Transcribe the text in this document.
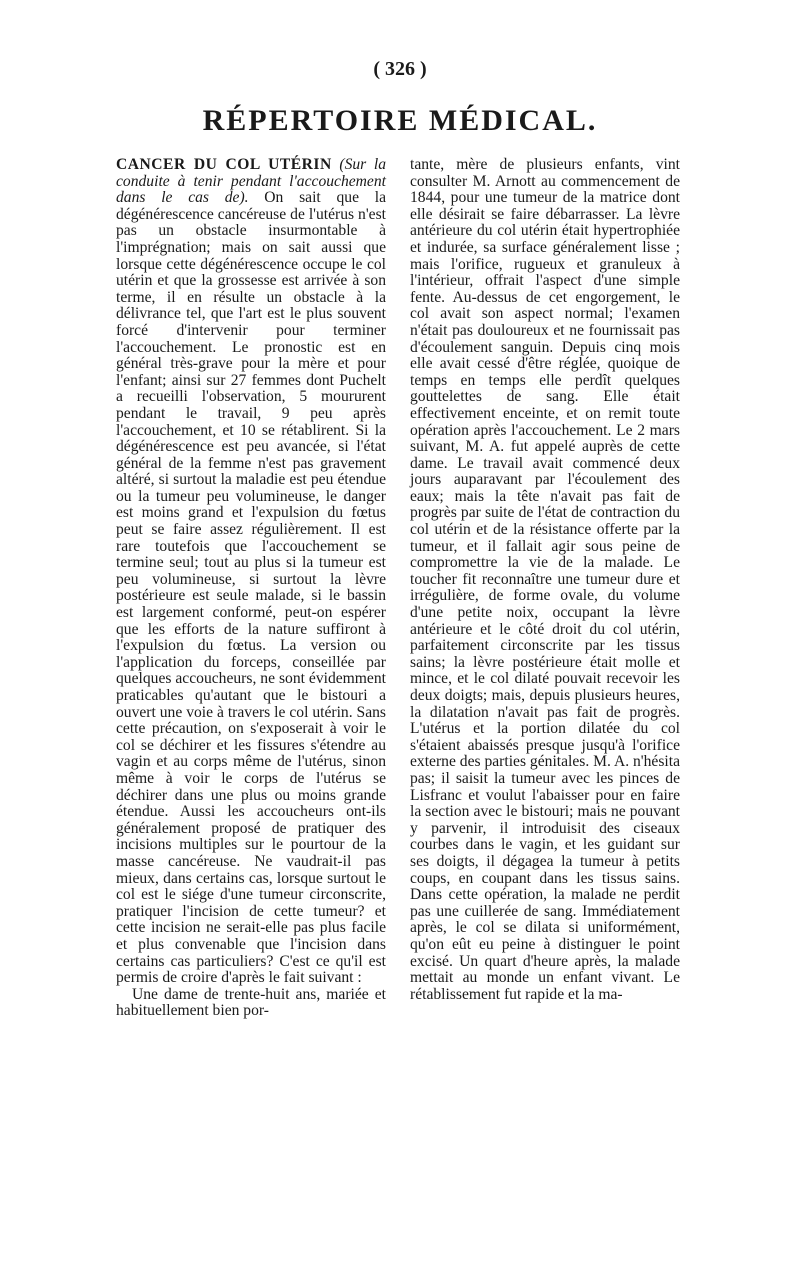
( 326 )
RÉPERTOIRE MÉDICAL.

CANCER DU COL UTÉRIN (Sur la conduite à tenir pendant l'accouchement dans le cas de). On sait que la dégénérescence cancéreuse de l'utérus n'est pas un obstacle insurmontable à l'imprégnation; mais on sait aussi que lorsque cette dégénérescence occupe le col utérin et que la grossesse est arrivée à son terme, il en résulte un obstacle à la délivrance tel, que l'art est le plus souvent forcé d'intervenir pour terminer l'accouchement. Le pronostic est en général très-grave pour la mère et pour l'enfant; ainsi sur 27 femmes dont Puchelt a recueilli l'observation, 5 moururent pendant le travail, 9 peu après l'accouchement, et 10 se rétablirent. Si la dégénérescence est peu avancée, si l'état général de la femme n'est pas gravement altéré, si surtout la maladie est peu étendue ou la tumeur peu volumineuse, le danger est moins grand et l'expulsion du fœtus peut se faire assez régulièrement. Il est rare toutefois que l'accouchement se termine seul; tout au plus si la tumeur est peu volumineuse, si surtout la lèvre postérieure est seule malade, si le bassin est largement conformé, peut-on espérer que les efforts de la nature suffiront à l'expulsion du fœtus. La version ou l'application du forceps, conseillée par quelques accoucheurs, ne sont évidemment praticables qu'autant que le bistouri a ouvert une voie à travers le col utérin. Sans cette précaution, on s'exposerait à voir le col se déchirer et les fissures s'étendre au vagin et au corps même de l'utérus, sinon même à voir le corps de l'utérus se déchirer dans une plus ou moins grande étendue. Aussi les accoucheurs ont-ils généralement proposé de pratiquer des incisions multiples sur le pourtour de la masse cancéreuse. Ne vaudrait-il pas mieux, dans certains cas, lorsque surtout le col est le siége d'une tumeur circonscrite, pratiquer l'incision de cette tumeur? et cette incision ne serait-elle pas plus facile et plus convenable que l'incision dans certains cas particuliers? C'est ce qu'il est permis de croire d'après le fait suivant :

Une dame de trente-huit ans, mariée et habituellement bien por-

tante, mère de plusieurs enfants, vint consulter M. Arnott au commencement de 1844, pour une tumeur de la matrice dont elle désirait se faire débarrasser. La lèvre antérieure du col utérin était hypertrophiée et indurée, sa surface généralement lisse ; mais l'orifice, rugueux et granuleux à l'intérieur, offrait l'aspect d'une simple fente. Au-dessus de cet engorgement, le col avait son aspect normal; l'examen n'était pas douloureux et ne fournissait pas d'écoulement sanguin. Depuis cinq mois elle avait cessé d'être réglée, quoique de temps en temps elle perdît quelques gouttelettes de sang. Elle était effectivement enceinte, et on remit toute opération après l'accouchement. Le 2 mars suivant, M. A. fut appelé auprès de cette dame. Le travail avait commencé deux jours auparavant par l'écoulement des eaux; mais la tête n'avait pas fait de progrès par suite de l'état de contraction du col utérin et de la résistance offerte par la tumeur, et il fallait agir sous peine de compromettre la vie de la malade. Le toucher fit reconnaître une tumeur dure et irrégulière, de forme ovale, du volume d'une petite noix, occupant la lèvre antérieure et le côté droit du col utérin, parfaitement circonscrite par les tissus sains; la lèvre postérieure était molle et mince, et le col dilaté pouvait recevoir les deux doigts; mais, depuis plusieurs heures, la dilatation n'avait pas fait de progrès. L'utérus et la portion dilatée du col s'étaient abaissés presque jusqu'à l'orifice externe des parties génitales. M. A. n'hésita pas; il saisit la tumeur avec les pinces de Lisfranc et voulut l'abaisser pour en faire la section avec le bistouri; mais ne pouvant y parvenir, il introduisit des ciseaux courbes dans le vagin, et les guidant sur ses doigts, il dégagea la tumeur à petits coups, en coupant dans les tissus sains. Dans cette opération, la malade ne perdit pas une cuillerée de sang. Immédiatement après, le col se dilata si uniformément, qu'on eût eu peine à distinguer le point excisé. Un quart d'heure après, la malade mettait au monde un enfant vivant. Le rétablissement fut rapide et la ma-
